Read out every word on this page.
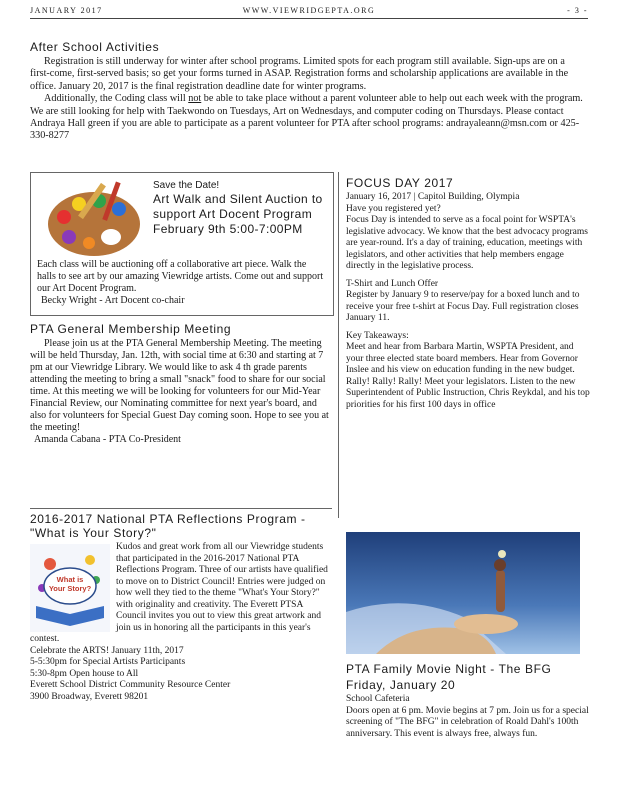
JANUARY 2017	WWW.VIEWRIDGEPTA.ORG	- 3 -
After School Activities

Registration is still underway for winter after school programs. Limited spots for each program still available. Sign-ups are on a first-come, first-served basis; so get your forms turned in ASAP. Registration forms and scholarship applications are available in the office. January 20, 2017 is the final registration deadline date for winter programs.

Additionally, the Coding class will not be able to take place without a parent volunteer able to help out each week with the program. We are still looking for help with Taekwondo on Tuesdays, Art on Wednesdays, and computer coding on Thursdays. Please contact Andraya Hall green if you are able to participate as a parent volunteer for PTA after school programs: andrayaleann@msn.com or 425-330-8277

Save the Date!
Art Walk and Silent Auction to support Art Docent Program
February 9th 5:00-7:00PM

Each class will be auctioning off a collaborative art piece. Walk the halls to see art by our amazing Viewridge artists. Come out and support our Art Docent Program.

Becky Wright - Art Docent co-chair

PTA General Membership Meeting

Please join us at the PTA General Membership Meeting. The meeting will be held Thursday, Jan. 12th, with social time at 6:30 and starting at 7 pm at our Viewridge Library. We would like to ask 4 th grade parents attending the meeting to bring a small "snack" food to share for our social time. At this meeting we will be looking for volunteers for our Mid-Year Financial Review, our Nominating committee for next year's board, and also for volunteers for Special Guest Day coming soon. Hope to see you at the meeting!

Amanda Cabana - PTA Co-President

2016-2017 National PTA Reflections Program - "What is Your Story?"
What is
Your Story?

Kudos and great work from all our Viewridge students that participated in the 2016-2017 National PTA Reflections Program. Three of our artists have qualified to move on to District Council! Entries were judged on how well they tied to the theme "What's Your Story?" with originality and creativity. The Everett PTSA Council invites you out to view this great artwork and join us in honoring all the participants in this year's contest.

Celebrate the ARTS! January 11th, 2017

5-5:30pm for Special Artists Participants

5:30-8pm Open house to All

Everett School District Community Resource Center

3900 Broadway, Everett 98201

FOCUS DAY 2017

January 16, 2017 | Capitol Building, Olympia

Have you registered yet?

Focus Day is intended to serve as a focal point for WSPTA's legislative advocacy. We know that the best advocacy programs are year-round. It's a day of training, education, meetings with legislators, and other activities that help members engage directly in the legislative process.

T-Shirt and Lunch Offer

Register by January 9 to reserve/pay for a boxed lunch and to receive your free t-shirt at Focus Day. Full registration closes January 11.

Key Takeaways:

Meet and hear from Barbara Martin, WSPTA President, and your three elected state board members. Hear from Governor Inslee and his view on education funding in the new budget. Rally! Rally! Rally! Meet your legislators. Listen to the new Superintendent of Public Instruction, Chris Reykdal, and his top priorities for his first 100 days in office

PTA Family Movie Night - The BFG
Friday, January 20

School Cafeteria

Doors open at 6 pm. Movie begins at 7 pm. Join us for a special screening of "The BFG" in celebration of Roald Dahl's 100th anniversary. This event is always free, always fun.
